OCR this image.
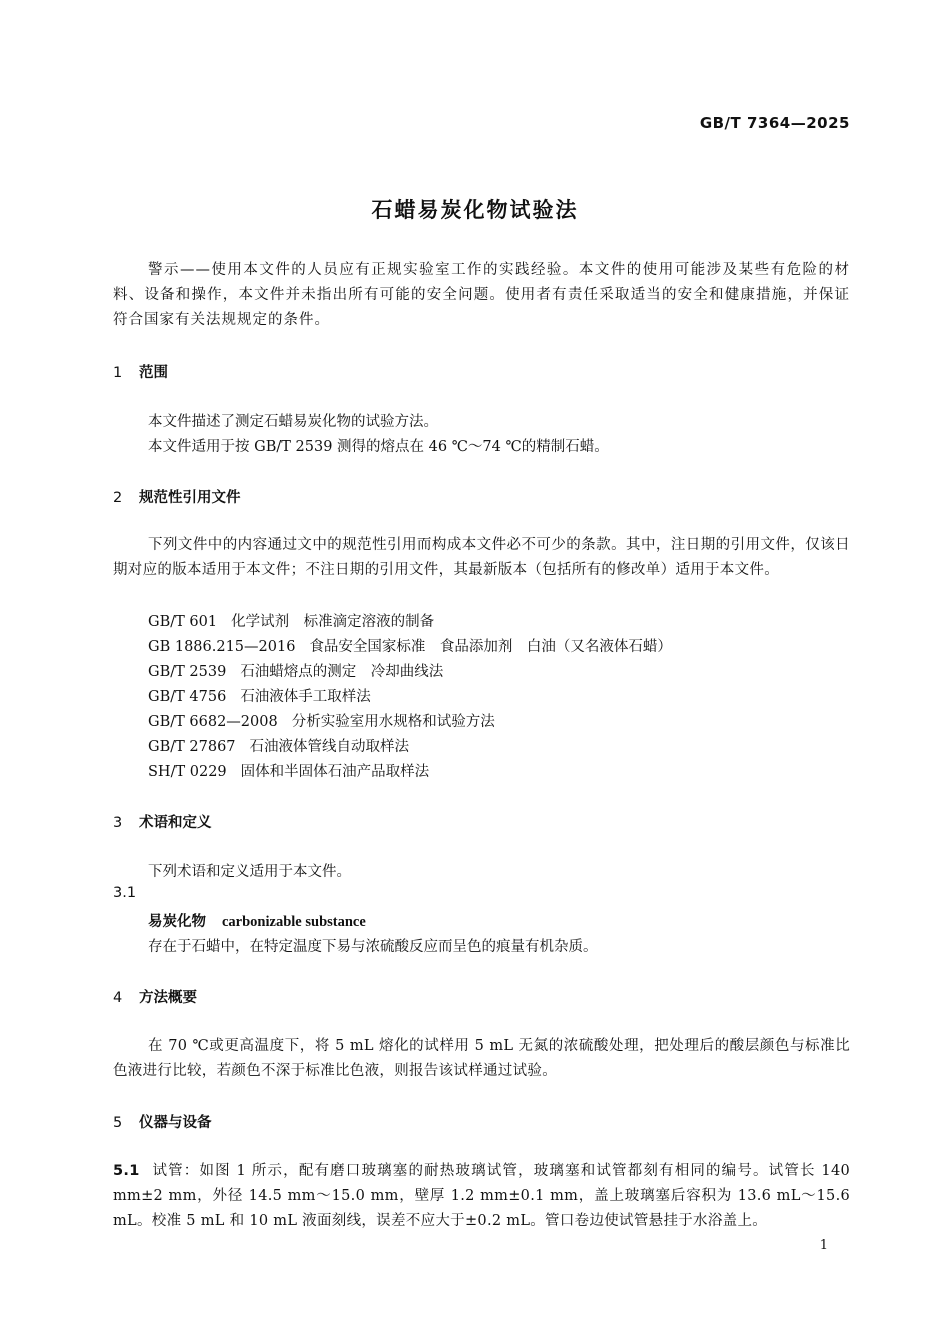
GB/T 7364—2025
石蜡易炭化物试验法
警示——使用本文件的人员应有正规实验室工作的实践经验。本文件的使用可能涉及某些有危险的材料、设备和操作，本文件并未指出所有可能的安全问题。使用者有责任采取适当的安全和健康措施，并保证符合国家有关法规规定的条件。
1 范围
本文件描述了测定石蜡易炭化物的试验方法。
本文件适用于按 GB/T 2539 测得的熔点在 46 ℃～74 ℃的精制石蜡。
2 规范性引用文件
下列文件中的内容通过文中的规范性引用而构成本文件必不可少的条款。其中，注日期的引用文件，仅该日期对应的版本适用于本文件；不注日期的引用文件，其最新版本（包括所有的修改单）适用于本文件。
GB/T 601 化学试剂　标准滴定溶液的制备
GB 1886.215—2016 食品安全国家标准　食品添加剂　白油（又名液体石蜡）
GB/T 2539 石油蜡熔点的测定　冷却曲线法
GB/T 4756 石油液体手工取样法
GB/T 6682—2008 分析实验室用水规格和试验方法
GB/T 27867 石油液体管线自动取样法
SH/T 0229 固体和半固体石油产品取样法
3 术语和定义
下列术语和定义适用于本文件。
3.1
易炭化物 carbonizable substance
存在于石蜡中，在特定温度下易与浓硫酸反应而呈色的痕量有机杂质。
4 方法概要
在 70 ℃或更高温度下，将 5 mL 熔化的试样用 5 mL 无氮的浓硫酸处理，把处理后的酸层颜色与标准比色液进行比较，若颜色不深于标准比色液，则报告该试样通过试验。
5 仪器与设备
5.1 试管：如图 1 所示，配有磨口玻璃塞的耐热玻璃试管，玻璃塞和试管都刻有相同的编号。试管长 140 mm±2 mm，外径 14.5 mm～15.0 mm，壁厚 1.2 mm±0.1 mm，盖上玻璃塞后容积为 13.6 mL～15.6 mL。校准 5 mL 和 10 mL 液面刻线，误差不应大于±0.2 mL。管口卷边使试管悬挂于水浴盖上。
1
